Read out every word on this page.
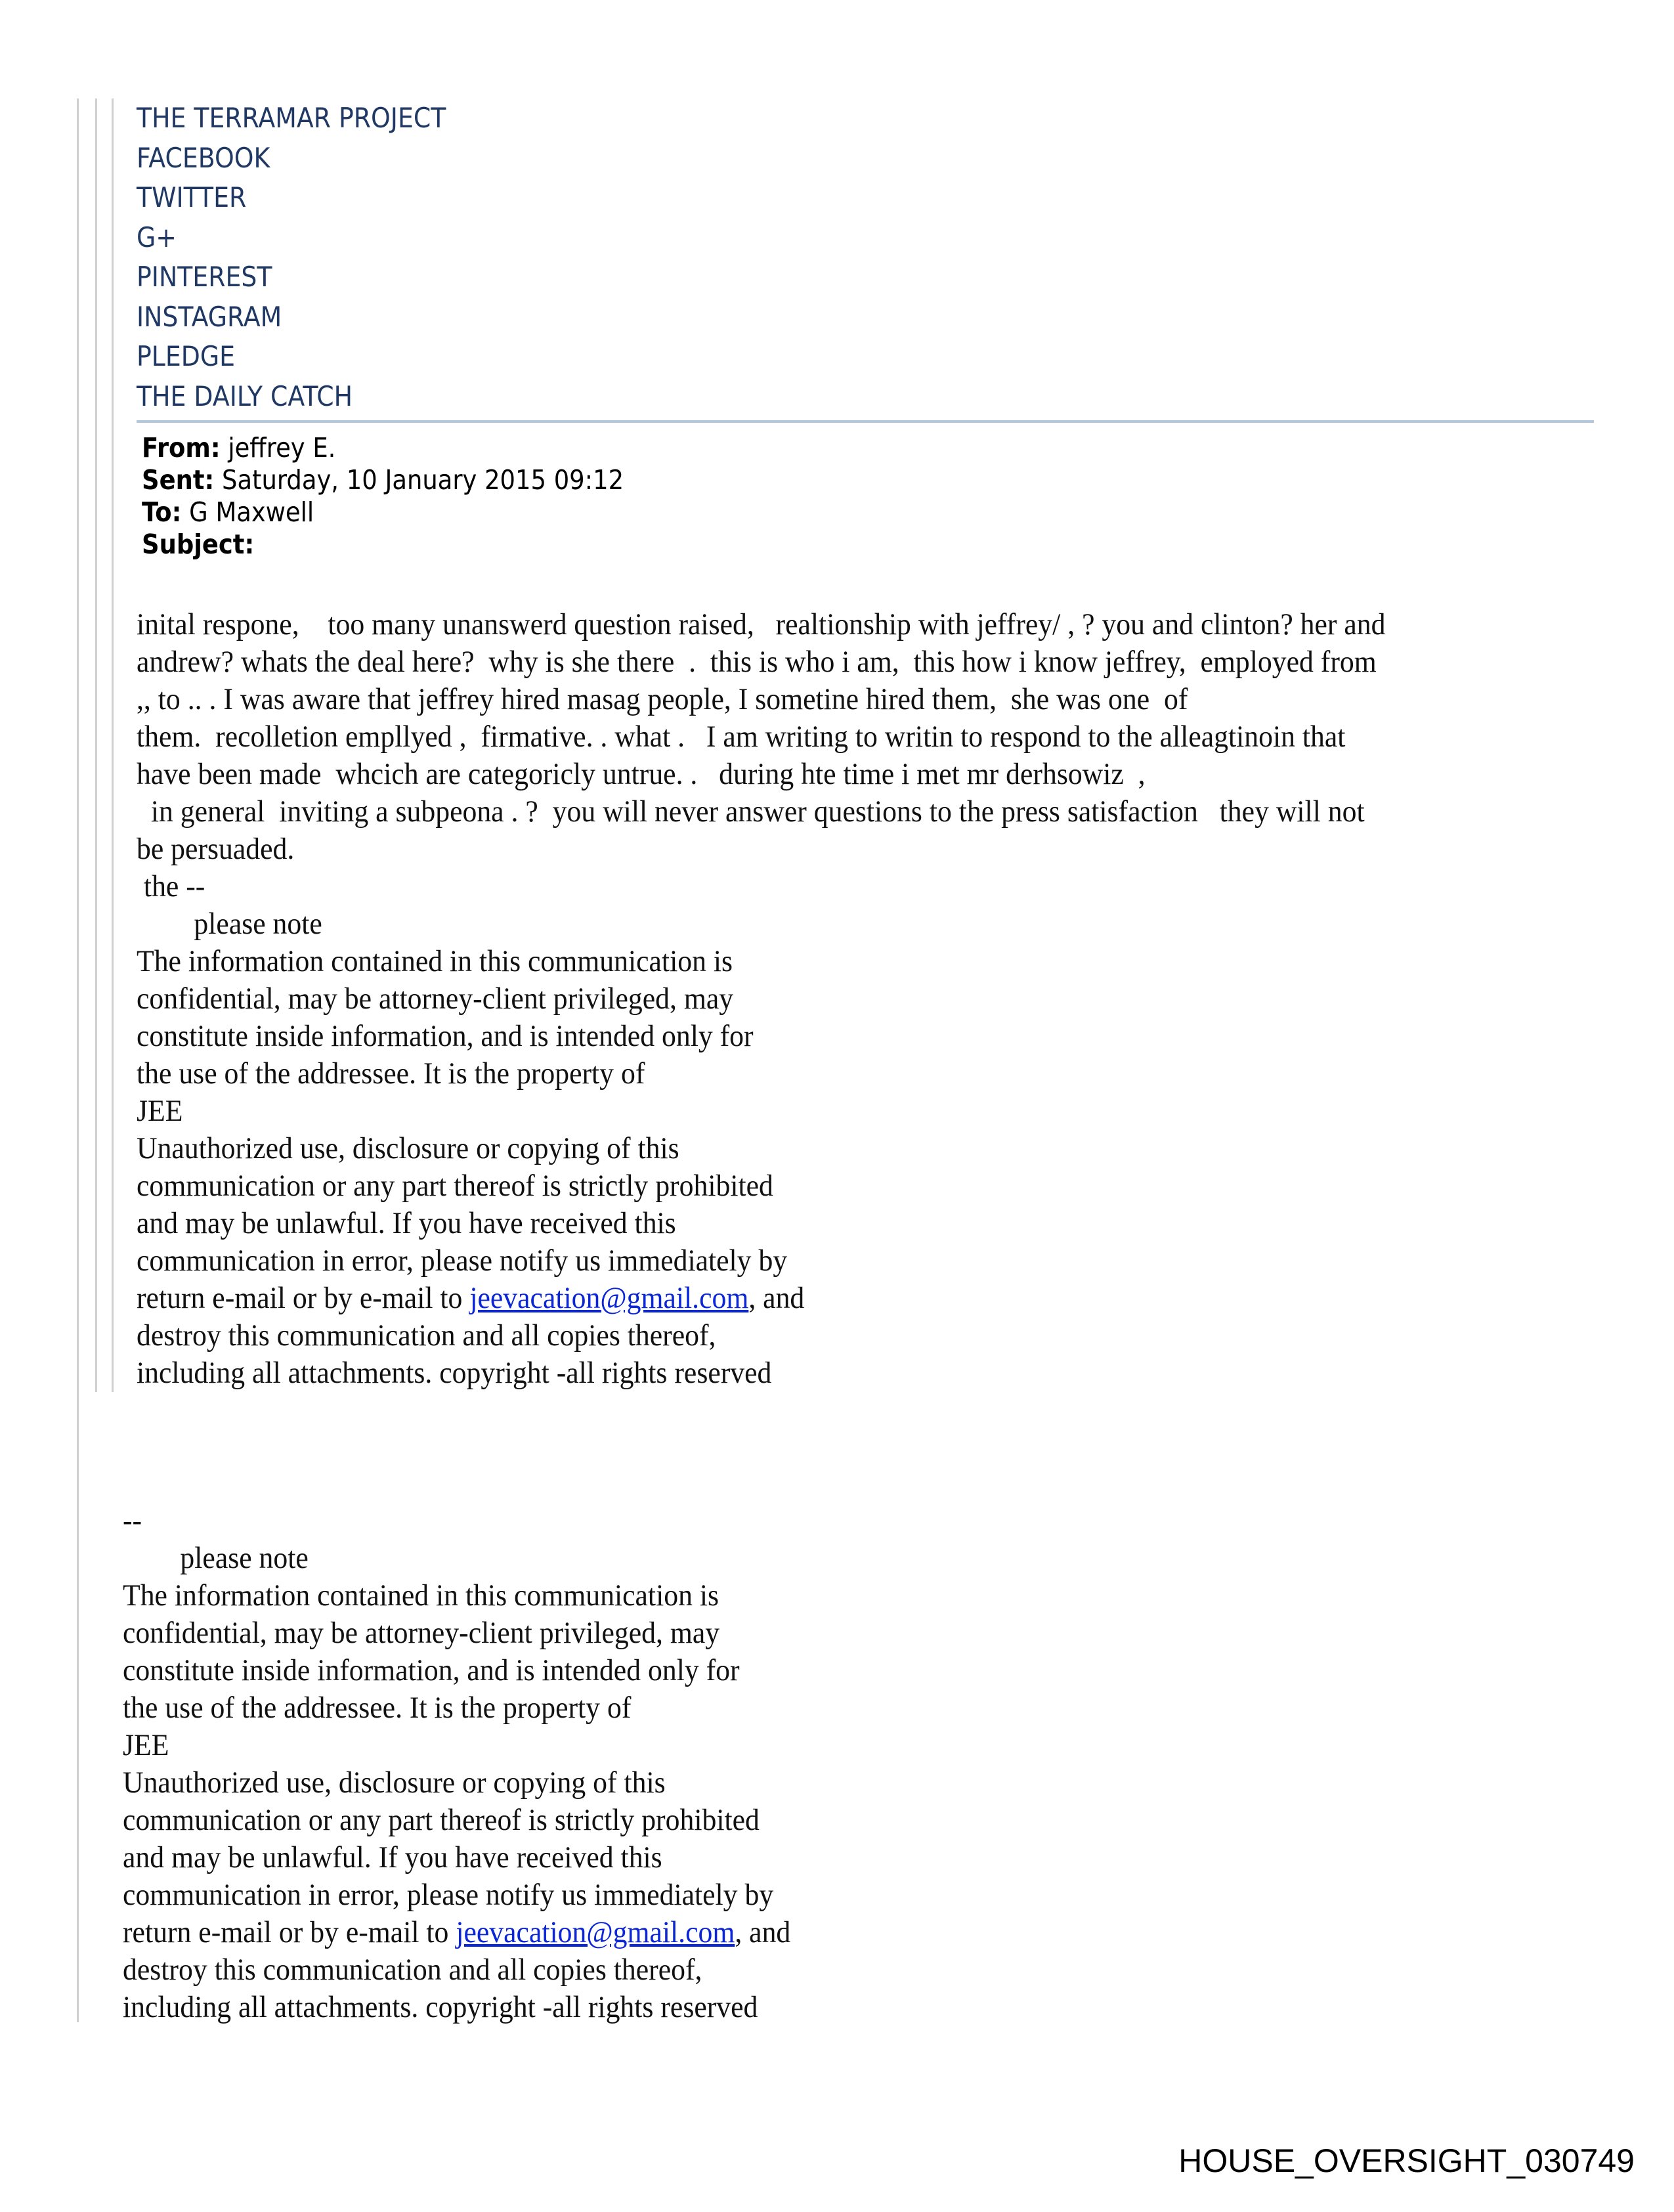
THE TERRAMAR PROJECT
FACEBOOK
TWITTER
G+
PINTEREST
INSTAGRAM
PLEDGE
THE DAILY CATCH
From: jeffrey E.
Sent: Saturday, 10 January 2015 09:12
To: G Maxwell
Subject:
inital respone,    too many unanswerd question raised,   realtionship with jeffrey/ , ? you and clinton? her and
andrew? whats the deal here?  why is she there  .  this is who i am,  this how i know jeffrey,  employed from
,, to .. . I was aware that jeffrey hired masag people, I sometine hired them,  she was one  of
them.  recolletion empllyed ,  firmative. . what .   I am writing to writin to respond to the alleagtinoin that
have been made  whcich are categoricly untrue. .   during hte time i met mr derhsowiz  ,
in general  inviting a subpeona . ?  you will never answer questions to the press satisfaction   they will not
be persuaded.
the --
please note
The information contained in this communication is
confidential, may be attorney-client privileged, may
constitute inside information, and is intended only for
the use of the addressee. It is the property of
JEE
Unauthorized use, disclosure or copying of this
communication or any part thereof is strictly prohibited
and may be unlawful. If you have received this
communication in error, please notify us immediately by
return e-mail or by e-mail to jeevacation@gmail.com, and
destroy this communication and all copies thereof,
including all attachments. copyright -all rights reserved
--
please note
The information contained in this communication is
confidential, may be attorney-client privileged, may
constitute inside information, and is intended only for
the use of the addressee. It is the property of
JEE
Unauthorized use, disclosure or copying of this
communication or any part thereof is strictly prohibited
and may be unlawful. If you have received this
communication in error, please notify us immediately by
return e-mail or by e-mail to jeevacation@gmail.com, and
destroy this communication and all copies thereof,
including all attachments. copyright -all rights reserved
HOUSE_OVERSIGHT_030749
